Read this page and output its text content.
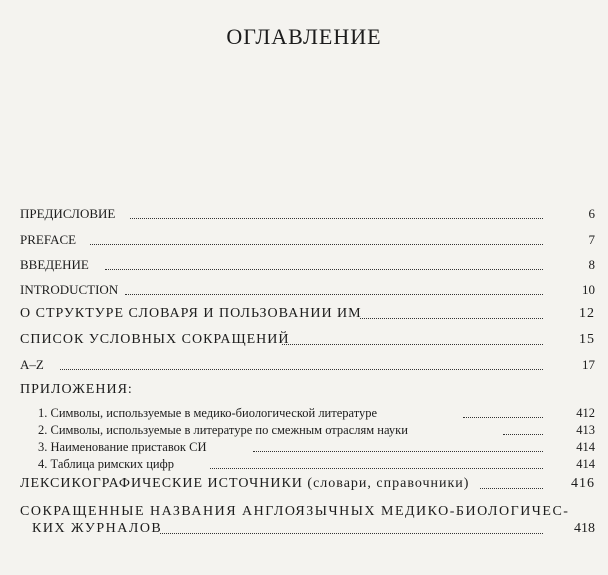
ОГЛАВЛЕНИЕ
ПРЕДИСЛОВИЕ	6
PREFACE	7
ВВЕДЕНИЕ	8
INTRODUCTION	10
О СТРУКТУРЕ СЛОВАРЯ И ПОЛЬЗОВАНИИ ИМ	12
СПИСОК УСЛОВНЫХ СОКРАЩЕНИЙ	15
A–Z	17
ПРИЛОЖЕНИЯ:
1. Символы, используемые в медико-биологической литературе	412
2. Символы, используемые в литературе по смежным отраслям науки	413
3. Наименование приставок СИ	414
4. Таблица римских цифр	414
ЛЕКСИКОГРАФИЧЕСКИЕ ИСТОЧНИКИ (словари, справочники)	416
СОКРАЩЕННЫЕ НАЗВАНИЯ АНГЛОЯЗЫЧНЫХ МЕДИКО-БИОЛОГИЧЕС-
КИХ ЖУРНАЛОВ	418
